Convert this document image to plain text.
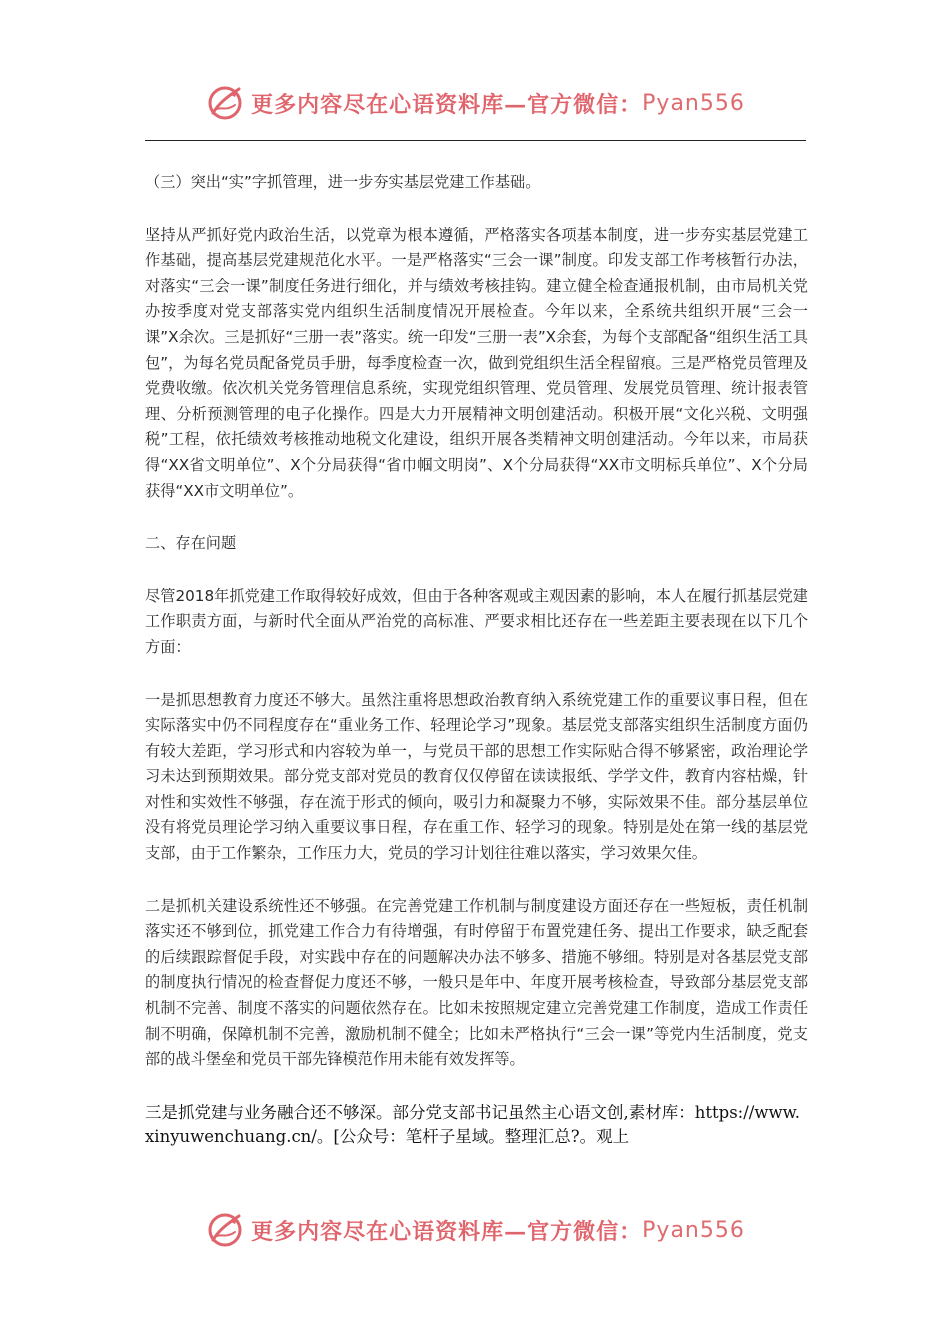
更多内容尽在心语资料库—官方微信： Pyan556

（三）突出“实”字抓管理，进一步夯实基层党建工作基础。

坚持从严抓好党内政治生活，以党章为根本遵循，严格落实各项基本制度，进一步夯实基层党建工作基础，提高基层党建规范化水平。一是严格落实“三会一课”制度。印发支部工作考核暂行办法，对落实“三会一课”制度任务进行细化，并与绩效考核挂钩。建立健全检查通报机制，由市局机关党办按季度对党支部落实党内组织生活制度情况开展检查。今年以来，全系统共组织开展“三会一课”X余次。三是抓好“三册一表”落实。统一印发“三册一表”X余套，为每个支部配备“组织生活工具包”，为每名党员配备党员手册，每季度检查一次，做到党组织生活全程留痕。三是严格党员管理及党费收缴。依次机关党务管理信息系统，实现党组织管理、党员管理、发展党员管理、统计报表管理、分析预测管理的电子化操作。四是大力开展精神文明创建活动。积极开展“文化兴税、文明强税”工程，依托绩效考核推动地税文化建设，组织开展各类精神文明创建活动。今年以来，市局获得“XX省文明单位”、X个分局获得“省巾帼文明岗”、X个分局获得“XX市文明标兵单位”、X个分局获得“XX市文明单位”。

二、存在问题

尽管2018年抓党建工作取得较好成效，但由于各种客观或主观因素的影响，本人在履行抓基层党建工作职责方面，与新时代全面从严治党的高标准、严要求相比还存在一些差距主要表现在以下几个方面：

一是抓思想教育力度还不够大。虽然注重将思想政治教育纳入系统党建工作的重要议事日程，但在实际落实中仍不同程度存在“重业务工作、轻理论学习”现象。基层党支部落实组织生活制度方面仍有较大差距，学习形式和内容较为单一，与党员干部的思想工作实际贴合得不够紧密，政治理论学习未达到预期效果。部分党支部对党员的教育仅仅停留在读读报纸、学学文件，教育内容枯燥，针对性和实效性不够强，存在流于形式的倾向，吸引力和凝聚力不够，实际效果不佳。部分基层单位没有将党员理论学习纳入重要议事日程，存在重工作、轻学习的现象。特别是处在第一线的基层党支部，由于工作繁杂，工作压力大，党员的学习计划往往难以落实，学习效果欠佳。

二是抓机关建设系统性还不够强。在完善党建工作机制与制度建设方面还存在一些短板，责任机制落实还不够到位，抓党建工作合力有待增强，有时停留于布置党建任务、提出工作要求，缺乏配套的后续跟踪督促手段，对实践中存在的问题解决办法不够多、措施不够细。特别是对各基层党支部的制度执行情况的检查督促力度还不够，一般只是年中、年度开展考核检查，导致部分基层党支部机制不完善、制度不落实的问题依然存在。比如未按照规定建立完善党建工作制度，造成工作责任制不明确，保障机制不完善，激励机制不健全；比如未严格执行“三会一课”等党内生活制度，党支部的战斗堡垒和党员干部先锋模范作用未能有效发挥等。

三是抓党建与业务融合还不够深。部分党支部书记虽然主心语文创,素材库：https://www.xinyuwenchuang.cn/。[公众号：笔杆子星域。整理汇总?。观上

更多内容尽在心语资料库—官方微信： Pyan556
